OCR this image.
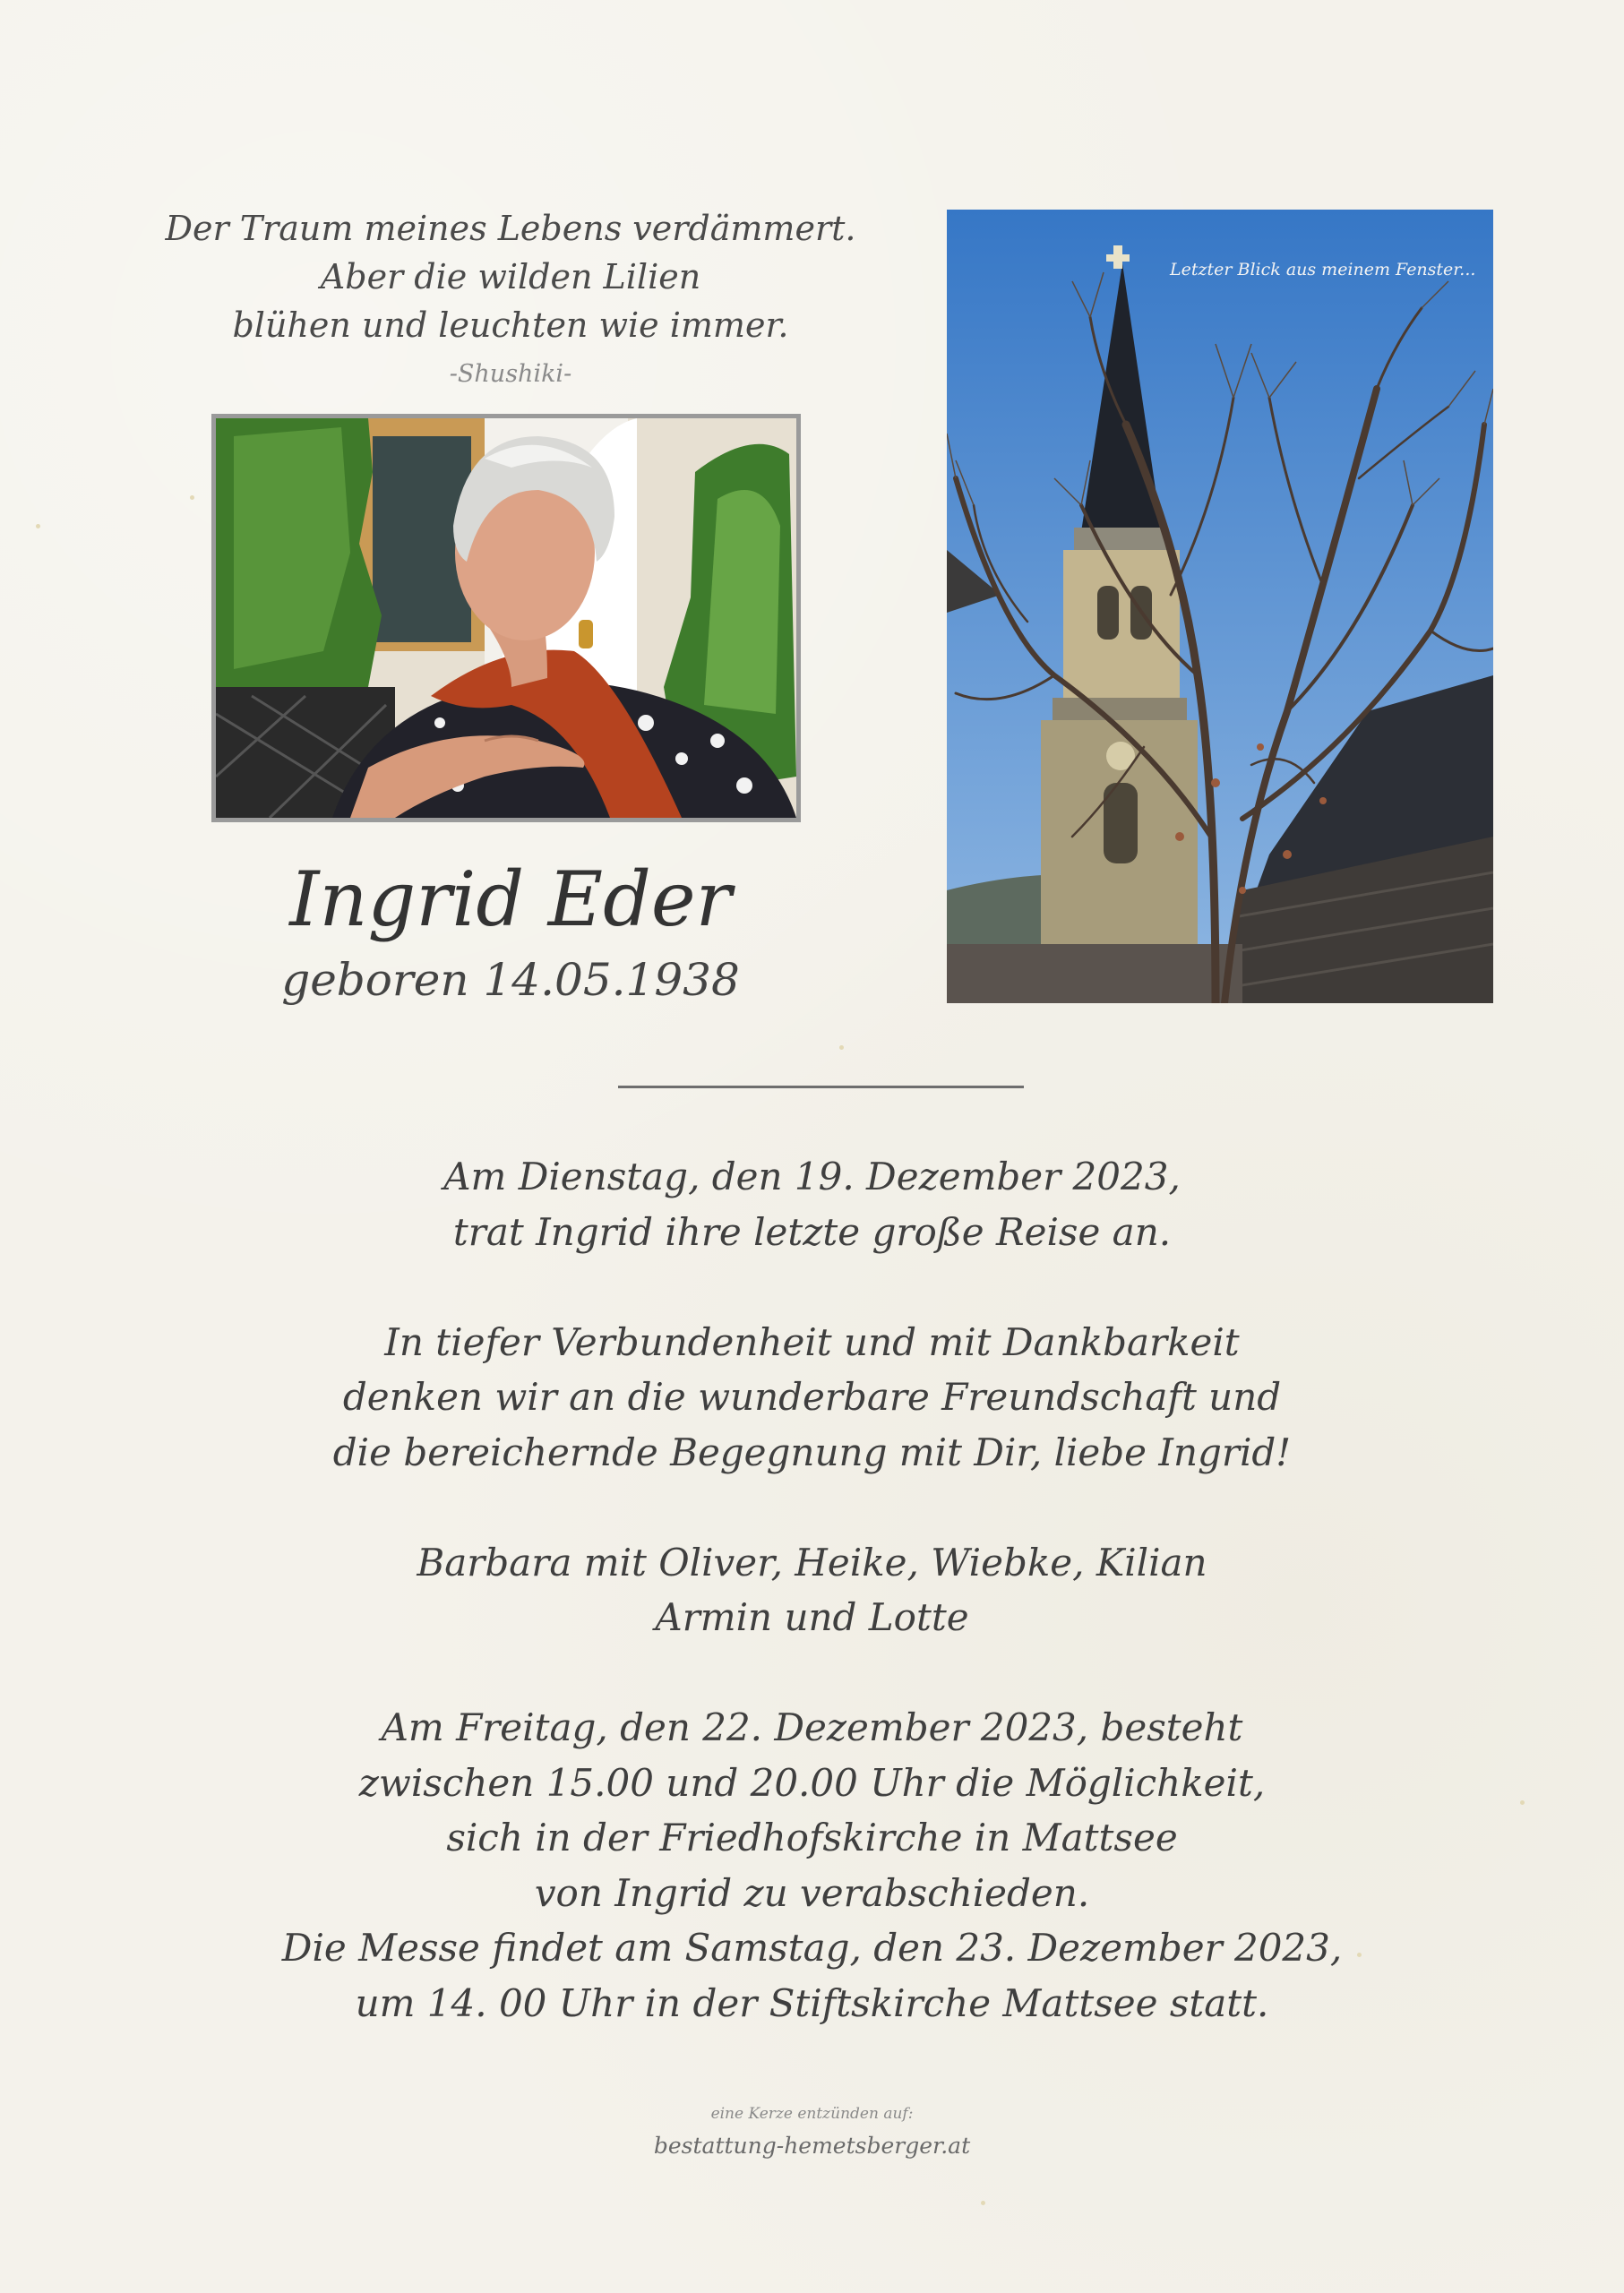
Der Traum meines Lebens verdämmert.
Aber die wilden Lilien
blühen und leuchten wie immer.
-Shushiki-
Ingrid Eder
geboren 14.05.1938
Letzter Blick aus meinem Fenster...
Am Dienstag, den 19. Dezember 2023,
trat Ingrid ihre letzte große Reise an.
In tiefer Verbundenheit und mit Dankbarkeit
denken wir an die wunderbare Freundschaft und
die bereichernde Begegnung mit Dir, liebe Ingrid!
Barbara mit Oliver, Heike, Wiebke, Kilian
Armin und Lotte
Am Freitag, den 22. Dezember 2023, besteht
zwischen 15.00 und 20.00 Uhr die Möglichkeit,
sich in der Friedhofskirche in Mattsee
von Ingrid zu verabschieden.
Die Messe findet am Samstag, den 23. Dezember 2023,
um 14. 00 Uhr in der Stiftskirche Mattsee statt.
eine Kerze entzünden auf:
bestattung-hemetsberger.at
